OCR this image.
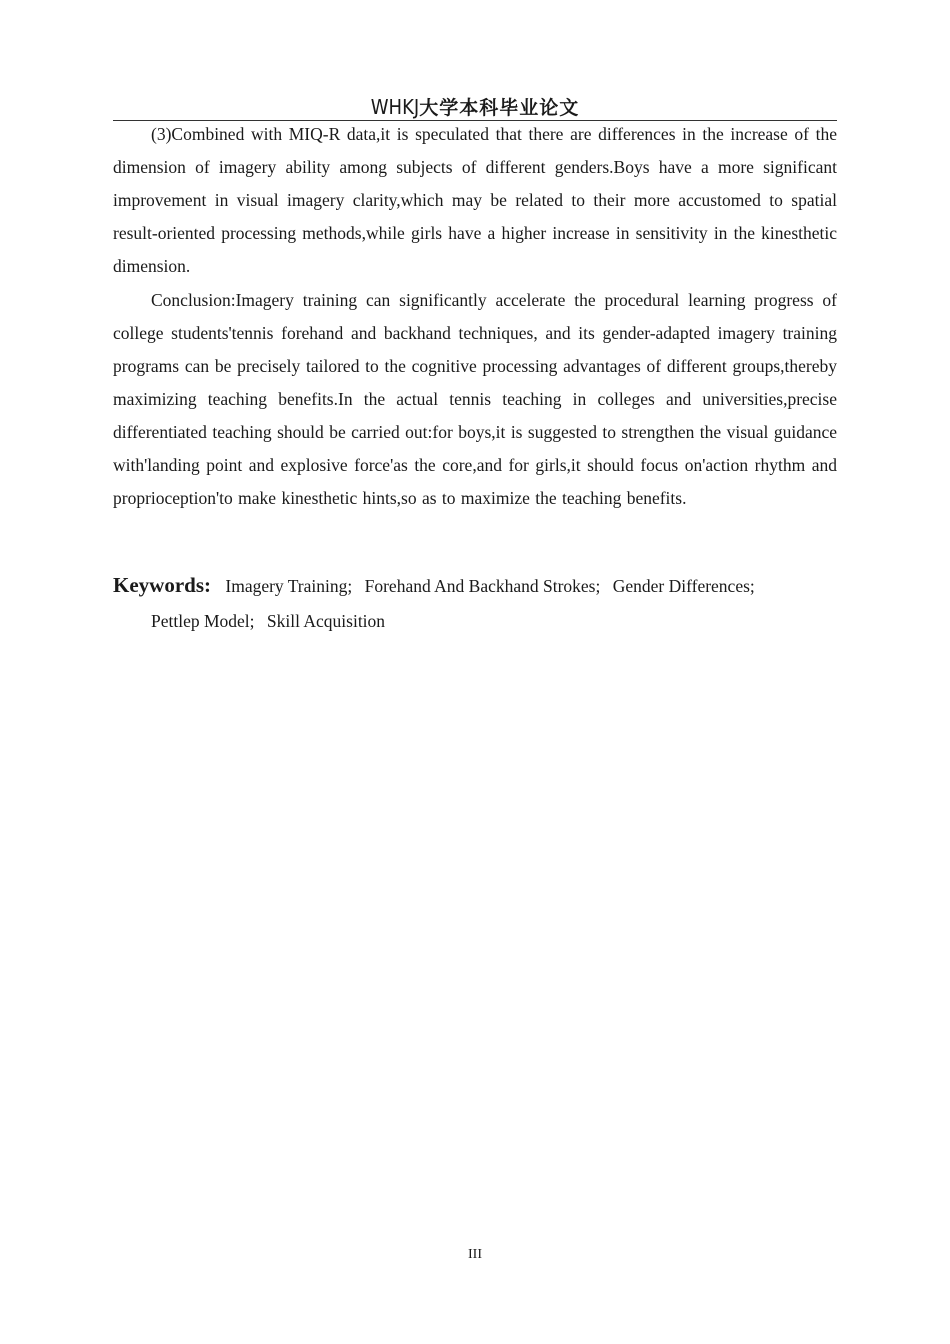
WHKJ大学本科毕业论文

(3)Combined with MIQ-R data,it is speculated that there are differences in the increase of the dimension of imagery ability among subjects of different genders.Boys have a more significant improvement in visual imagery clarity,which may be related to their more accustomed to spatial result-oriented processing methods,while girls have a higher increase in sensitivity in the kinesthetic dimension.

Conclusion:Imagery training can significantly accelerate the procedural learning progress of college students'tennis forehand and backhand techniques, and its gender-adapted imagery training programs can be precisely tailored to the cognitive processing advantages of different groups,thereby maximizing teaching benefits.In the actual tennis teaching in colleges and universities,precise differentiated teaching should be carried out:for boys,it is suggested to strengthen the visual guidance with'landing point and explosive force'as the core,and for girls,it should focus on'action rhythm and proprioception'to make kinesthetic hints,so as to maximize the teaching benefits.

Keywords: Imagery Training; Forehand And Backhand Strokes; Gender Differences;
Pettlep Model; Skill Acquisition
III
